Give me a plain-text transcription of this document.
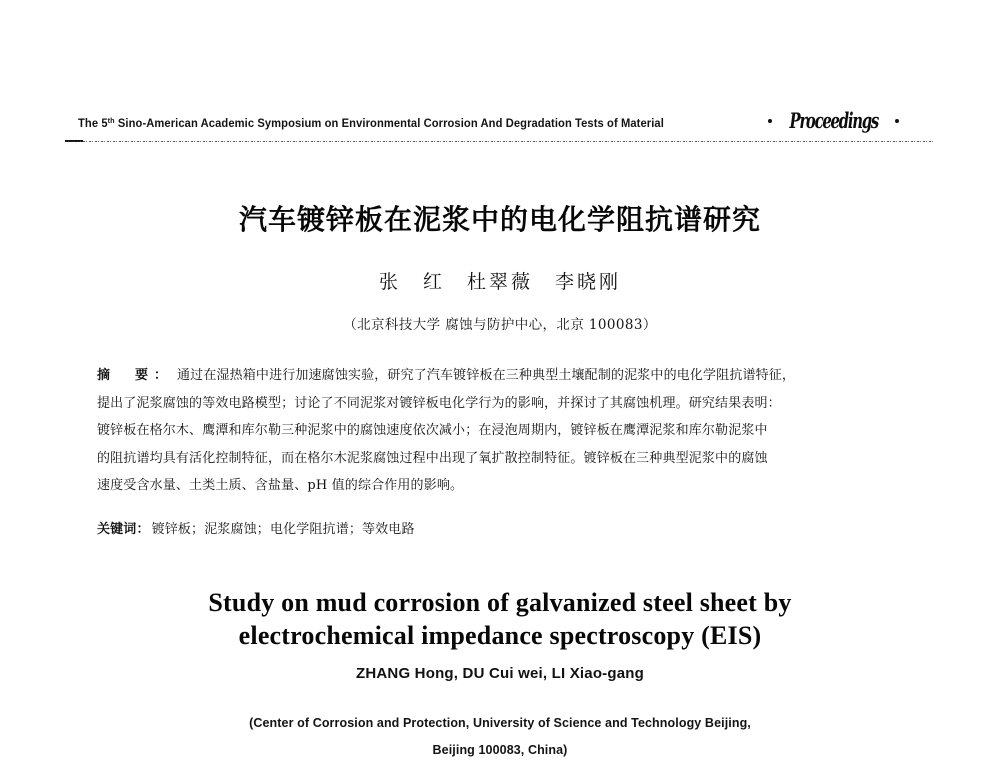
The 5th Sino-American Academic Symposium on Environmental Corrosion And Degradation Tests of Material	Proceedings
汽车镀锌板在泥浆中的电化学阻抗谱研究
张　红　杜翠薇　李晓刚
（北京科技大学 腐蚀与防护中心，北京 100083）
摘　要： 通过在湿热箱中进行加速腐蚀实验，研究了汽车镀锌板在三种典型土壤配制的泥浆中的电化学阻抗谱特征，
提出了泥浆腐蚀的等效电路模型；讨论了不同泥浆对镀锌板电化学行为的影响，并探讨了其腐蚀机理。研究结果表明：
镀锌板在格尔木、鹰潭和库尔勒三种泥浆中的腐蚀速度依次减小；在浸泡周期内，镀锌板在鹰潭泥浆和库尔勒泥浆中
的阻抗谱均具有活化控制特征，而在格尔木泥浆腐蚀过程中出现了氧扩散控制特征。镀锌板在三种典型泥浆中的腐蚀
速度受含水量、土类土质、含盐量、pH 值的综合作用的影响。
关键词： 镀锌板；泥浆腐蚀；电化学阻抗谱；等效电路
Study on mud corrosion of galvanized steel sheet by
electrochemical impedance spectroscopy (EIS)
ZHANG Hong, DU Cui wei, LI Xiao-gang
(Center of Corrosion and Protection, University of Science and Technology Beijing,
Beijing 100083, China)
